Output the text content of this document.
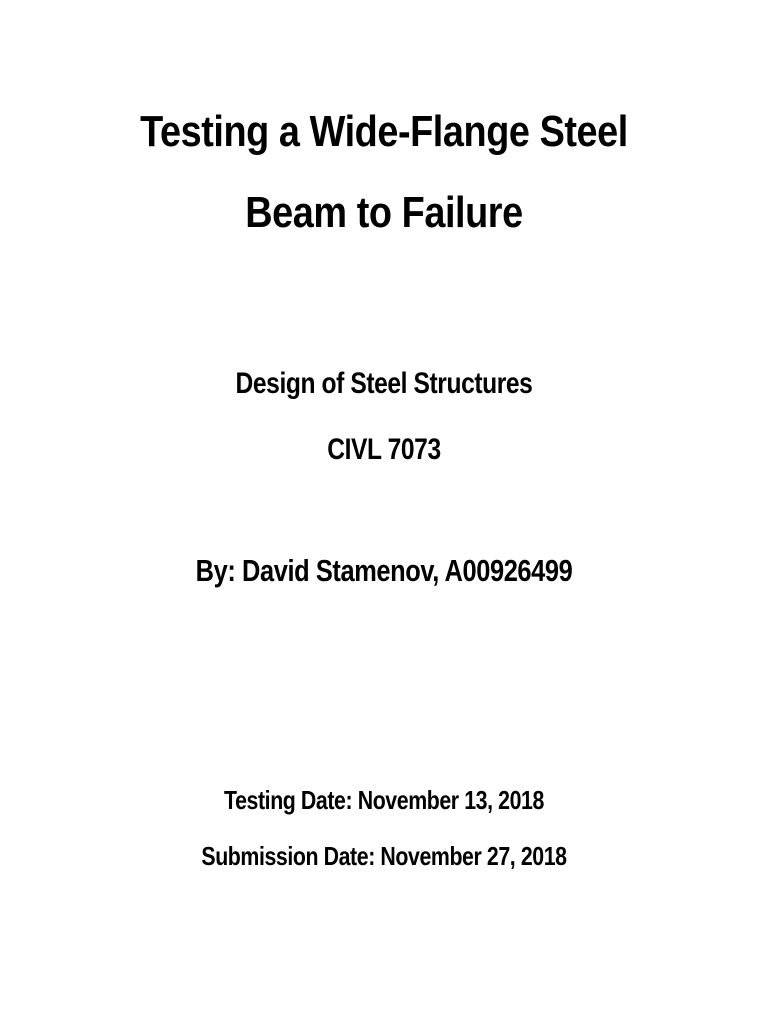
Testing a Wide-Flange Steel
Beam to Failure
Design of Steel Structures
CIVL 7073
By: David Stamenov, A00926499
Testing Date: November 13, 2018
Submission Date: November 27, 2018
